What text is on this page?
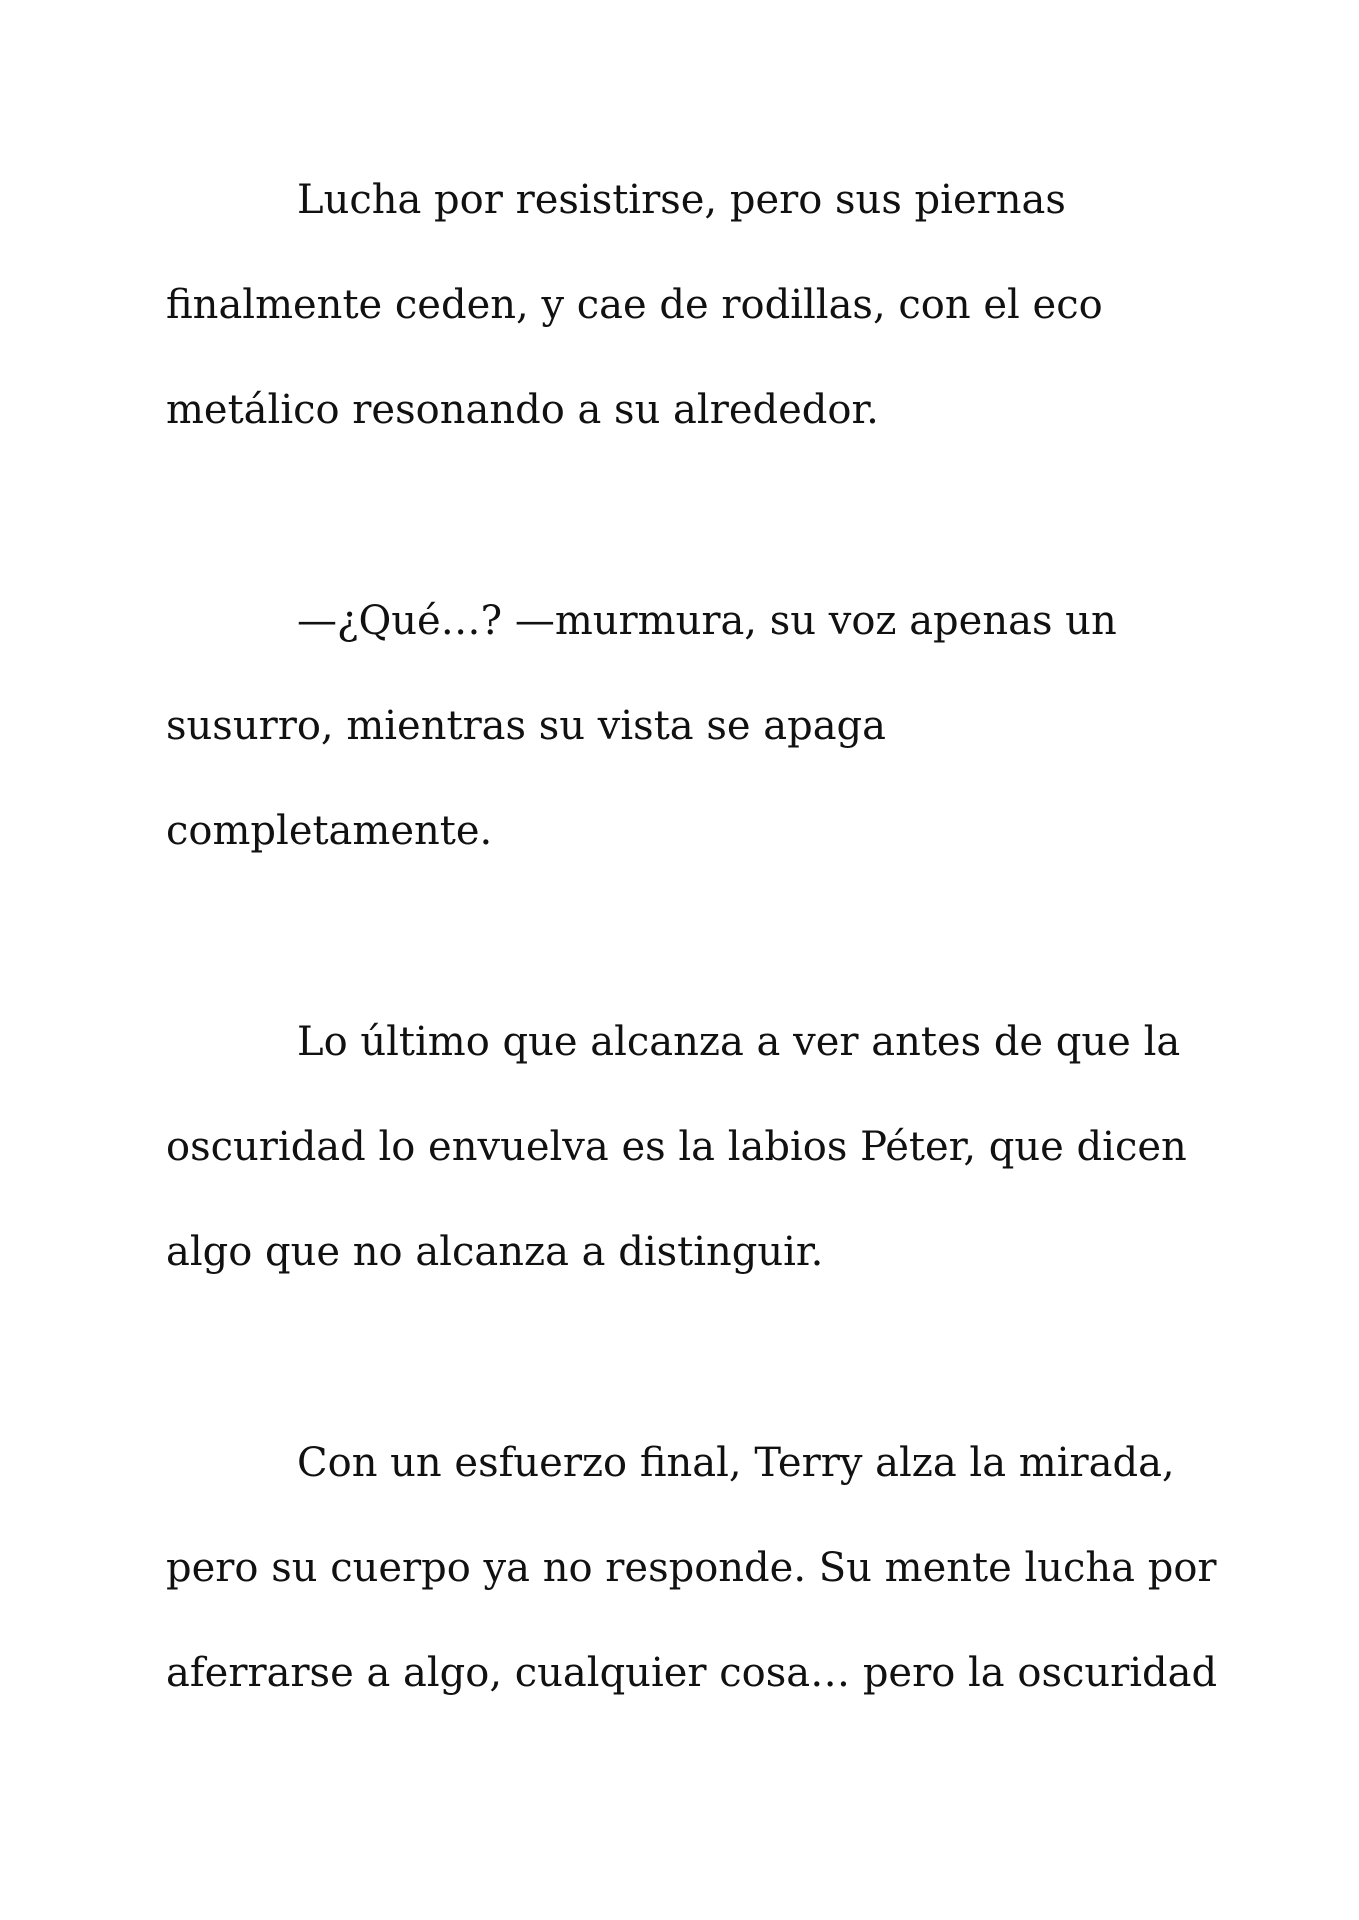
Lucha por resistirse, pero sus piernas
finalmente ceden, y cae de rodillas, con el eco
metálico resonando a su alrededor.

—¿Qué…? —murmura, su voz apenas un
susurro, mientras su vista se apaga
completamente.

Lo último que alcanza a ver antes de que la
oscuridad lo envuelva es la labios Péter, que dicen
algo que no alcanza a distinguir.

Con un esfuerzo final, Terry alza la mirada,
pero su cuerpo ya no responde. Su mente lucha por
aferrarse a algo, cualquier cosa… pero la oscuridad
